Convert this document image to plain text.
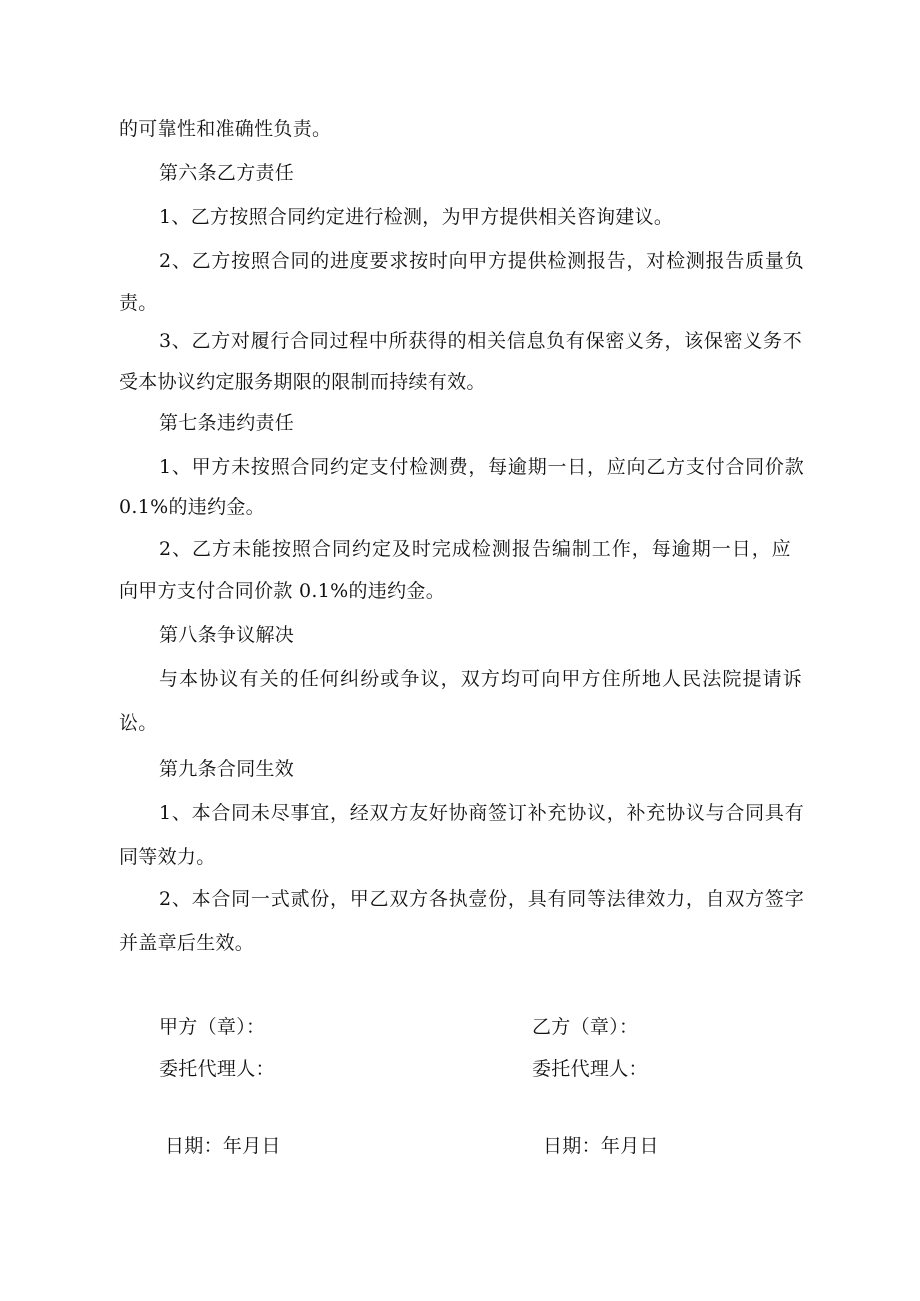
的可靠性和准确性负责。
第六条乙方责任
1、乙方按照合同约定进行检测，为甲方提供相关咨询建议。
2、乙方按照合同的进度要求按时向甲方提供检测报告，对检测报告质量负
责。
3、乙方对履行合同过程中所获得的相关信息负有保密义务，该保密义务不
受本协议约定服务期限的限制而持续有效。
第七条违约责任
1、甲方未按照合同约定支付检测费，每逾期一日，应向乙方支付合同价款
0.1%的违约金。
2、乙方未能按照合同约定及时完成检测报告编制工作，每逾期一日，应
向甲方支付合同价款 0.1%的违约金。
第八条争议解决
与本协议有关的任何纠纷或争议，双方均可向甲方住所地人民法院提请诉
讼。
第九条合同生效
1、本合同未尽事宜，经双方友好协商签订补充协议，补充协议与合同具有
同等效力。
2、本合同一式贰份，甲乙双方各执壹份，具有同等法律效力，自双方签字
并盖章后生效。
甲方（章）：	乙方（章）：
委托代理人：	委托代理人：
日期：年月日	日期：年月日
